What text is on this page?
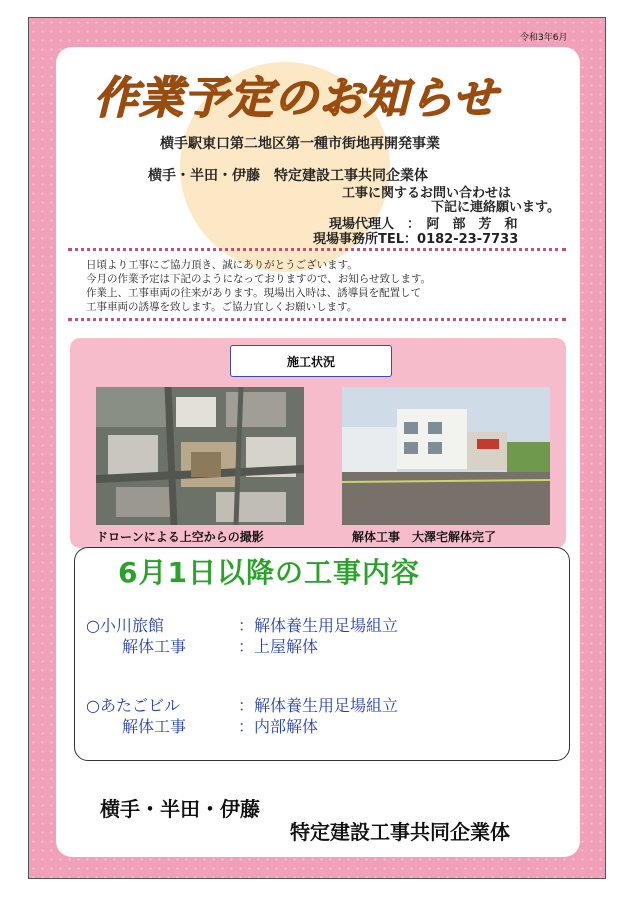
令和3年6月
作業予定のお知らせ
横手駅東口第二地区第一種市街地再開発事業
横手・半田・伊藤　特定建設工事共同企業体
工事に関するお問い合わせは
下記に連絡願います。
現場代理人　：　阿　部　芳　和
現場事務所TEL：0182-23-7733
日頃より工事にご協力頂き、誠にありがとうございます。
今月の作業予定は下記のようになっておりますので、お知らせ致します。
作業上、工事車両の往来があります。現場出入時は、誘導員を配置して
工事車両の誘導を致します。ご協力宜しくお願いします。
施工状況
ドローンによる上空からの撮影	解体工事　大澤宅解体完了
6月1日以降の工事内容
○小川旅館	：解体養生用足場組立
解体工事	：上屋解体
○あたごビル	：解体養生用足場組立
解体工事	：内部解体
横手・半田・伊藤
特定建設工事共同企業体
